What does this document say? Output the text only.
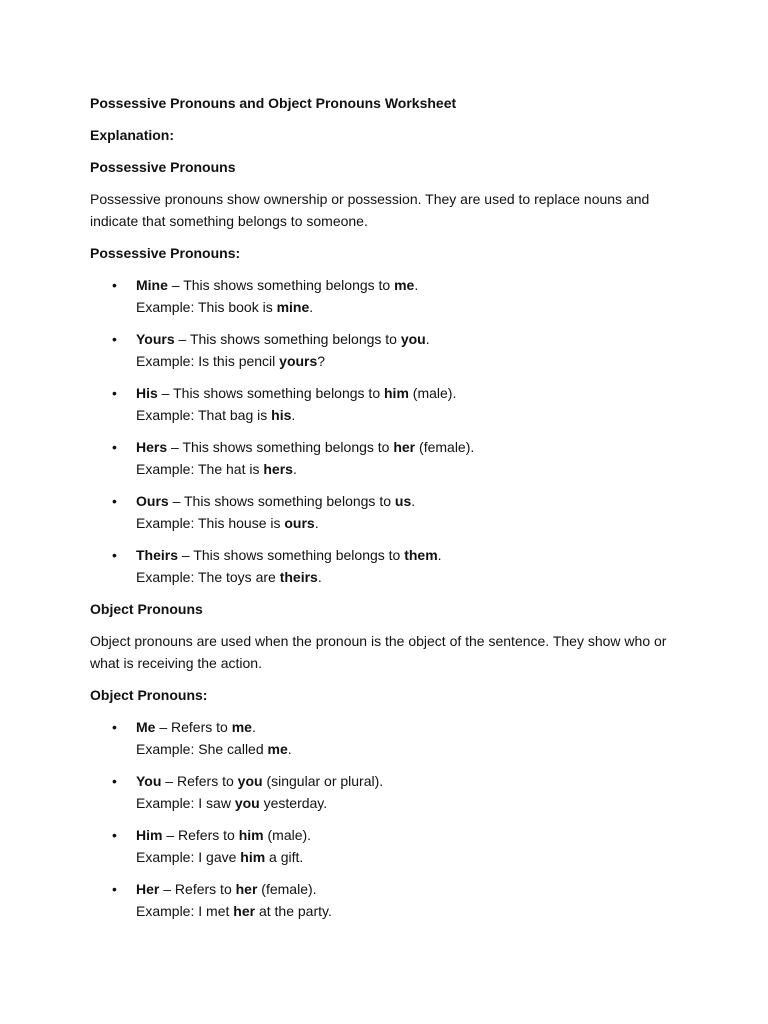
Possessive Pronouns and Object Pronouns Worksheet

Explanation:

Possessive Pronouns

Possessive pronouns show ownership or possession. They are used to replace nouns and indicate that something belongs to someone.

Possessive Pronouns:

• Mine – This shows something belongs to me.
Example: This book is mine.
• Yours – This shows something belongs to you.
Example: Is this pencil yours?
• His – This shows something belongs to him (male).
Example: That bag is his.
• Hers – This shows something belongs to her (female).
Example: The hat is hers.
• Ours – This shows something belongs to us.
Example: This house is ours.
• Theirs – This shows something belongs to them.
Example: The toys are theirs.

Object Pronouns

Object pronouns are used when the pronoun is the object of the sentence. They show who or what is receiving the action.

Object Pronouns:

• Me – Refers to me.
Example: She called me.
• You – Refers to you (singular or plural).
Example: I saw you yesterday.
• Him – Refers to him (male).
Example: I gave him a gift.
• Her – Refers to her (female).
Example: I met her at the party.
